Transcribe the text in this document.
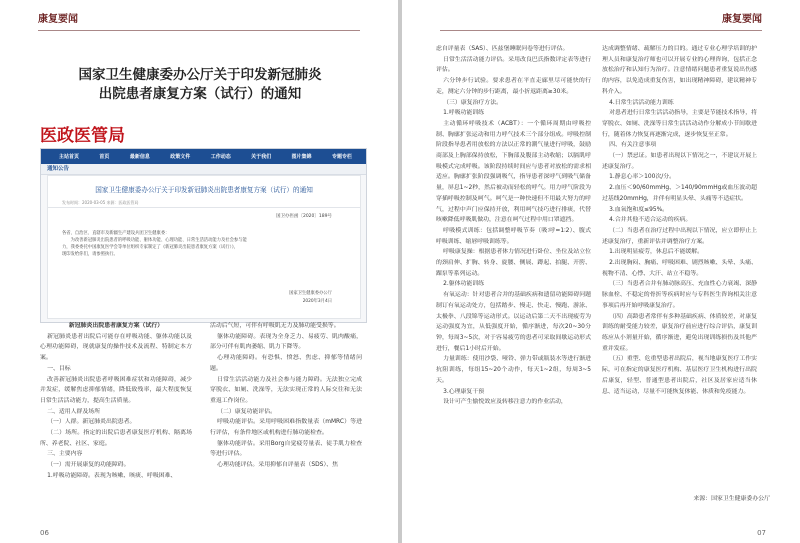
康复要闻
国家卫生健康委办公厅关于印发新冠肺炎
出院患者康复方案（试行）的通知
医政医管局
主站首页	首页	最新信息	政策文件	工作动态	关于我们	图片集锦	专题专栏
通知公告
国家卫生健康委办公厅关于印发新冠肺炎出院患者康复方案（试行）的通知
发布时间：2020-03-05 来源：医政医管局
国卫办医函〔2020〕189号
各省、自治区、直辖市及新疆生产建设兵团卫生健康委：
为改善新冠肺炎出院患者的呼吸功能、躯体功能、心理功能、日常生活活动能力及社会参与能
力，我委委托中国康复医学会等单位组织专家制定了《新冠肺炎出院患者康复方案（试行）》，
现印发给你们，请参照执行。
国家卫生健康委办公厅
2020年3月4日

新冠肺炎出院患者康复方案（试行）

新冠肺炎患者出院后可能存在呼吸功能、躯体功能以及心理功能障碍，现就康复的操作技术及流程、特制定本方案。

一、目标

改善新冠肺炎出院患者呼吸困难症状和功能障碍，减少并发症，缓解焦虑抑郁情绪，降低致残率，最大程度恢复日常生活活动能力，提高生活质量。

二、适用人群及场所

（一）人群。新冠肺炎出院患者。

（二）场所。指定的出院后患者康复医疗机构、隔离场所、养老院、社区、家庭。

三、主要内容

（一）需开展康复的功能障碍。

1.呼吸功能障碍。表现为咳嗽、咳痰、呼吸困难、

活动后气短，可伴有呼吸肌无力及肺功能受损等。

躯体功能障碍。表现为全身乏力、易疲劳、肌肉酸痛，部分可伴有肌肉萎缩、肌力下降等。

心理功能障碍。有恐惧、愤怒、焦虑、抑郁等情绪问题。

日常生活活动能力及社会参与能力障碍。无法独立完成穿脱衣、如厕、洗澡等，无法实现正常的人际交往和无法重返工作岗位。

（二）康复功能评估。

呼吸功能评估。采用呼吸困难指数量表（mMRC）等进行评估，有条件地区或机构进行肺功能检查。

躯体功能评估。采用Borg自觉疲劳量表、徒手肌力检查等进行评估。

心理功能评估。采用抑郁自评量表（SDS）、焦

06
康复要闻

虑自评量表（SAS）、匹兹堡睡眠问卷等进行评估。

日常生活活动能力评估。采用改良巴氏指数评定表等进行评估。

六分钟步行试验。要求患者在平直走廊里尽可能快的行走，测定六分钟的步行距离，最小折返距离≥30米。

（三）康复治疗方法。

1.呼吸功能训练

主动循环呼吸技术（ACBT）：一个循环周期由呼吸控制、胸廓扩张运动和用力呼气技术三个部分组成。呼吸控制阶段指导患者用放松的方法以正常的潮气量进行呼吸，鼓励商部及上胸部保持放松，下胸部及腹部主动收缩；以膈肌呼吸模式完成呼吸。该阶段持续时间应与患者对放松的需求相适应。胸廓扩张阶段强调吸气，指导患者深呼气到吸气储备量，屏息1~2秒，然后被动而轻松的呼气。用力呼气阶段为穿插呼吸控制及呵气。呵气是一种快速但不用最大努力的呼气，过程中声门应保持开放，利用呵气技巧进行排痰，代替咳嗽降低呼吸肌做功，注意在呵气过程中用口罩遮挡。

呼吸模式训练：包括调整呼吸节奏（吸∶呼=1∶2）、腹式呼吸训练、缩唇呼吸训练等。

呼吸康复操：根据患者体力情况进行卧位、坐位及站立位的颈肩伸、扩胸、转身、旋腰、侧展、蹲起、拍腿、开胯、踝泵等系列运动。

2.躯体功能训练

有氧运动：针对患者合并的基础疾病和遗留功能障碍问题制订有氧运动处方，包括踏步、慢走、快走、慢跑、游泳、太极拳、八段锦等运动形式。以运动后第二天不出现疲劳为运动强度为宜，从低强度开始，循序渐进，每次20~30分钟，每周3~5次，对于容易疲劳的患者可采取间歇运动形式进行，餐后1小时后开始。

力量训练：使用沙袋、哑铃、弹力带或瓶装水等进行渐进抗阻训练，每组15~20个动作，每天1~2组，每周3~5天。

3.心理康复干预

设计可产生愉悦效应及转移注意力的作业活动，

达成调整情绪、疏解压力的目的。通过专业心理学培训的护理人员和康复治疗师也可以开展专业的心理咨询，包括正念放松治疗和认知行为治疗。注意情绪问题患者重复说出伤感的内容，以免造成重复伤害，如出现精神障碍，建议精神专科介入。

4.日常生活活动能力训练

对患者进行日常生活活动指导，主要是节能技术指导，将穿脱衣、如厕、洗澡等日常生活活动动作分解成小节间歇进行，随着体力恢复再逐渐完成，逐步恢复至正常。

四、有关注意事项

（一）禁忌证。如患者出现以下情况之一，不建议开展上述康复治疗。

1.静息心率＞100次/分。

2.血压＜90/60mmHg、＞140/90mmHg或血压波动超过基线20mmHg，并伴有明显头晕、头痛等不适症状。

3.血氧饱和度≤95%。

4.合并其他不适合运动的疾病。

（二）当患者在治疗过程中出现以下情况，应立即停止上述康复治疗，重新评估并调整治疗方案。

1.出现明显疲劳，休息后不能缓解。

2.出现胸闷、胸痛、呼吸困难、剧烈咳嗽、头晕、头痛、视物不清、心悸、大汗、站立不稳等。

（三）当患者合并有肺动脉高压、充血性心力衰竭、深静脉血栓、不稳定的骨折等疾病时应与专科医生咨询相关注意事项后再开始呼吸康复治疗。

（四）高龄患者常伴有多种基础疾病、体质较差，对康复训练的耐受能力较差，康复治疗前应进行综合评估，康复训练应从小剂量开始，循序渐进，避免出现训练损伤及其他严重并发症。

（五）重型、危重型患者出院后，视当地康复医疗工作实际，可在指定的康复医疗机构、基层医疗卫生机构进行出院后康复，轻型、普通型患者出院后，社区及居家应适当休息、适当运动，尽量不可能恢复体能、体质和免疫能力。

来源：国家卫生健康委办公厅
07
